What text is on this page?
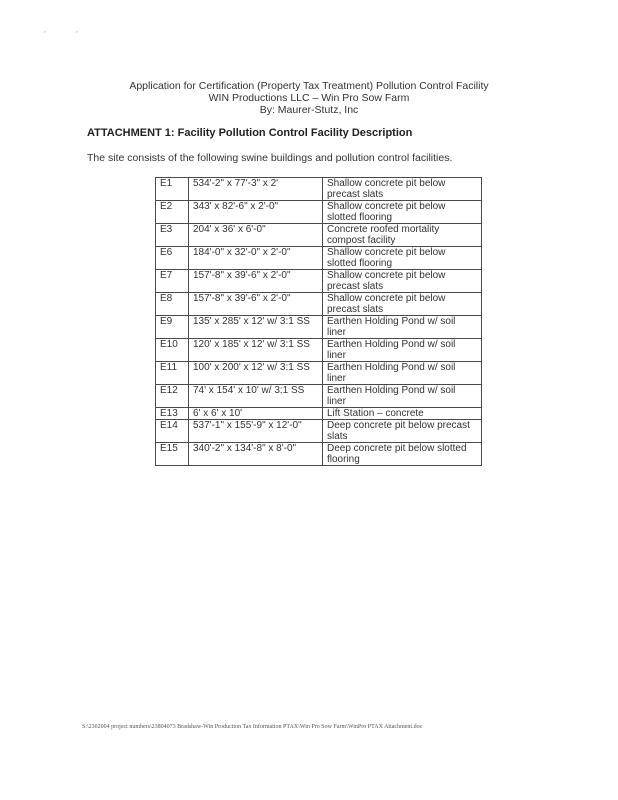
'	'
Application for Certification (Property Tax Treatment) Pollution Control Facility
WIN Productions LLC – Win Pro Sow Farm
By: Maurer-Stutz, Inc
ATTACHMENT 1: Facility Pollution Control Facility Description
The site consists of the following swine buildings and pollution control facilities.
E1	534'-2" x 77'-3" x 2'	Shallow concrete pit below precast slats
E2	343' x 82'-6" x 2'-0"	Shallow concrete pit below slotted flooring
E3	204' x 36' x 6'-0"	Concrete roofed mortality compost facility
E6	184'-0" x 32'-0" x 2'-0"	Shallow concrete pit below slotted flooring
E7	157'-8" x 39'-6" x 2'-0"	Shallow concrete pit below precast slats
E8	157'-8" x 39'-6" x 2'-0"	Shallow concrete pit below precast slats
E9	135' x 285' x 12' w/ 3:1 SS	Earthen Holding Pond w/ soil liner
E10	120' x 185' x 12' w/ 3:1 SS	Earthen Holding Pond w/ soil liner
E11	100' x 200' x 12' w/ 3:1 SS	Earthen Holding Pond w/ soil liner
E12	74' x 154' x 10' w/ 3:1 SS	Earthen Holding Pond w/ soil liner
E13	6' x 6' x 10'	Lift Station – concrete
E14	537'-1" x 155'-9" x 12'-0"	Deep concrete pit below precast slats
E15	340'-2" x 134'-8" x 8'-0"	Deep concrete pit below slotted flooring
S:\2302004 project numbers\23804073 Bradshaw-Win Production Tax Information PTAX\Win Pro Sow Farm\WinPro PTAX Attachment.doc
